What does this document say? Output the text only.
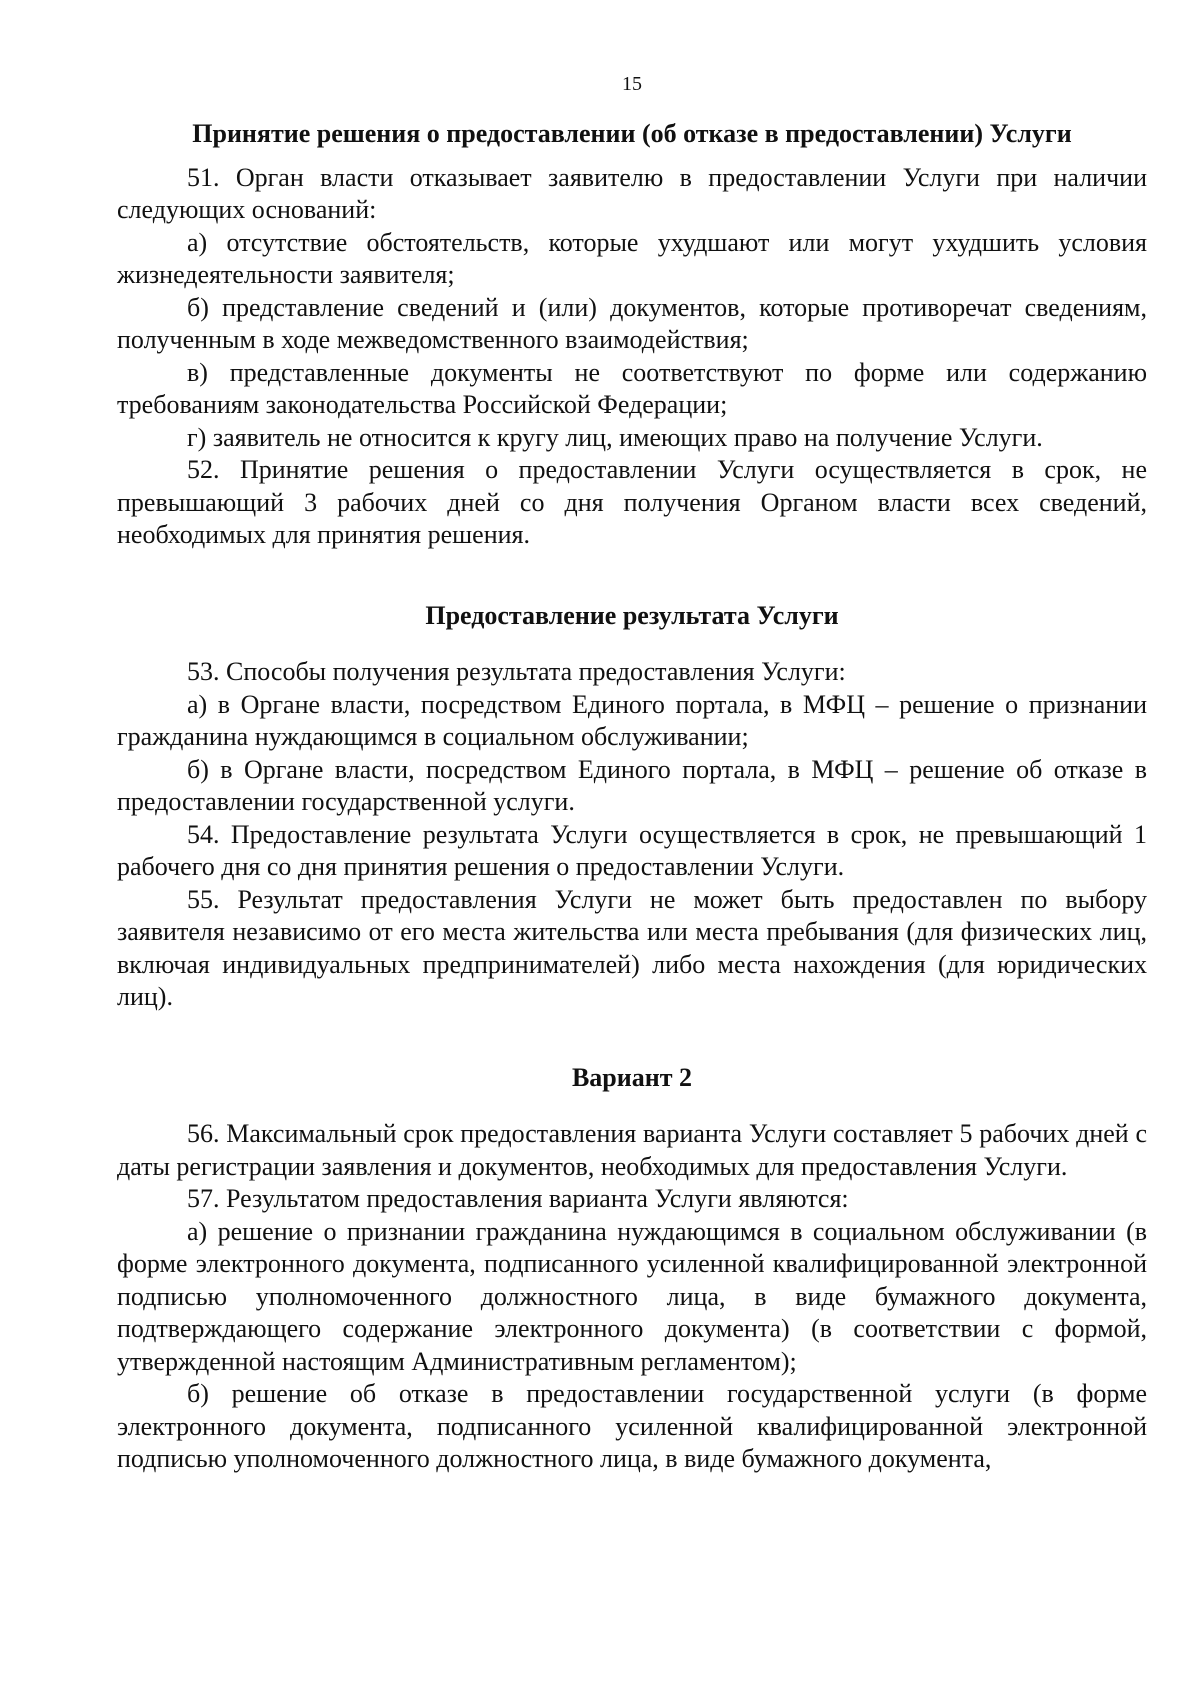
15
Принятие решения о предоставлении (об отказе в предоставлении) Услуги

51. Орган власти отказывает заявителю в предоставлении Услуги при наличии следующих оснований:

а) отсутствие обстоятельств, которые ухудшают или могут ухудшить условия жизнедеятельности заявителя;

б) представление сведений и (или) документов, которые противоречат сведениям, полученным в ходе межведомственного взаимодействия;

в) представленные документы не соответствуют по форме или содержанию требованиям законодательства Российской Федерации;

г) заявитель не относится к кругу лиц, имеющих право на получение Услуги.

52. Принятие решения о предоставлении Услуги осуществляется в срок, не превышающий 3 рабочих дней со дня получения Органом власти всех сведений, необходимых для принятия решения.

Предоставление результата Услуги

53. Способы получения результата предоставления Услуги:

а) в Органе власти, посредством Единого портала, в МФЦ – решение о признании гражданина нуждающимся в социальном обслуживании;

б) в Органе власти, посредством Единого портала, в МФЦ – решение об отказе в предоставлении государственной услуги.

54. Предоставление результата Услуги осуществляется в срок, не превышающий 1 рабочего дня со дня принятия решения о предоставлении Услуги.

55. Результат предоставления Услуги не может быть предоставлен по выбору заявителя независимо от его места жительства или места пребывания (для физических лиц, включая индивидуальных предпринимателей) либо места нахождения (для юридических лиц).

Вариант 2

56. Максимальный срок предоставления варианта Услуги составляет 5 рабочих дней с даты регистрации заявления и документов, необходимых для предоставления Услуги.

57. Результатом предоставления варианта Услуги являются:

а) решение о признании гражданина нуждающимся в социальном обслуживании (в форме электронного документа, подписанного усиленной квалифицированной электронной подписью уполномоченного должностного лица, в виде бумажного документа, подтверждающего содержание электронного документа) (в соответствии с формой, утвержденной настоящим Административным регламентом);

б) решение об отказе в предоставлении государственной услуги (в форме электронного документа, подписанного усиленной квалифицированной электронной подписью уполномоченного должностного лица, в виде бумажного документа,
